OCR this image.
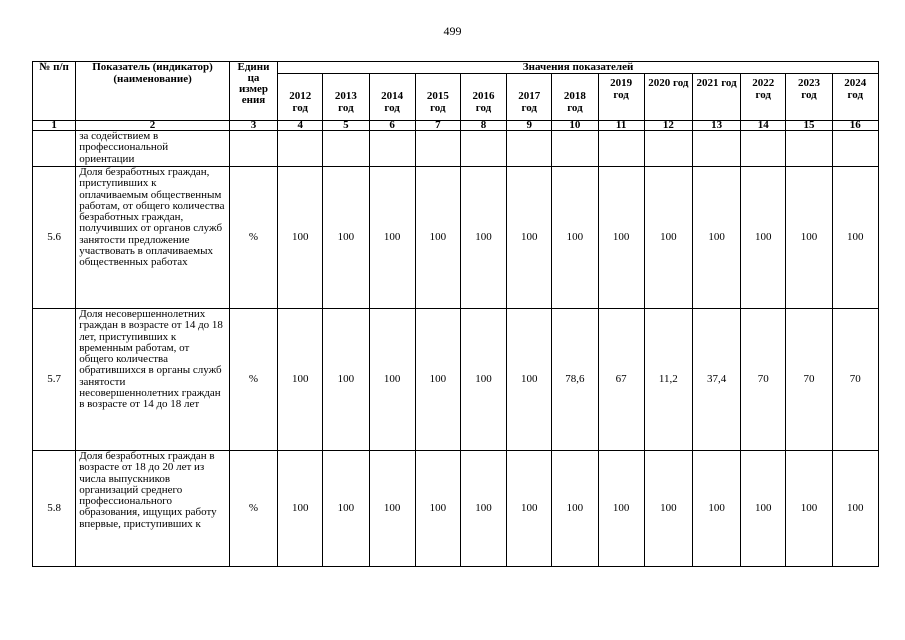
499
№ п/п	Показатель (индикатор) (наименование)	Едини ца измер ения	Значения показателей												
			2012 год	2013 год	2014 год	2015 год	2016 год	2017 год	2018 год	2019 год	2020 год	2021 год	2022 год	2023 год	2024 год
1	2	3	4	5	6	7	8	9	10	11	12	13	14	15	16
	за содействием в профессиональной ориентации														
5.6	Доля безработных граждан, приступивших к оплачиваемым общественным работам, от общего количества безработных граждан, получивших от органов служб занятости предложение участвовать в оплачиваемых общественных работах	%	100	100	100	100	100	100	100	100	100	100	100	100	100
5.7	Доля несовершеннолетних граждан в возрасте от 14 до 18 лет, приступивших к временным работам, от общего количества обратившихся в органы служб занятости несовершеннолетних граждан в возрасте от 14 до 18 лет	%	100	100	100	100	100	100	78,6	67	11,2	37,4	70	70	70
5.8	Доля безработных граждан в возрасте от 18 до 20 лет из числа выпускников организаций среднего профессионального образования, ищущих работу впервые, приступивших к	%	100	100	100	100	100	100	100	100	100	100	100	100	100
